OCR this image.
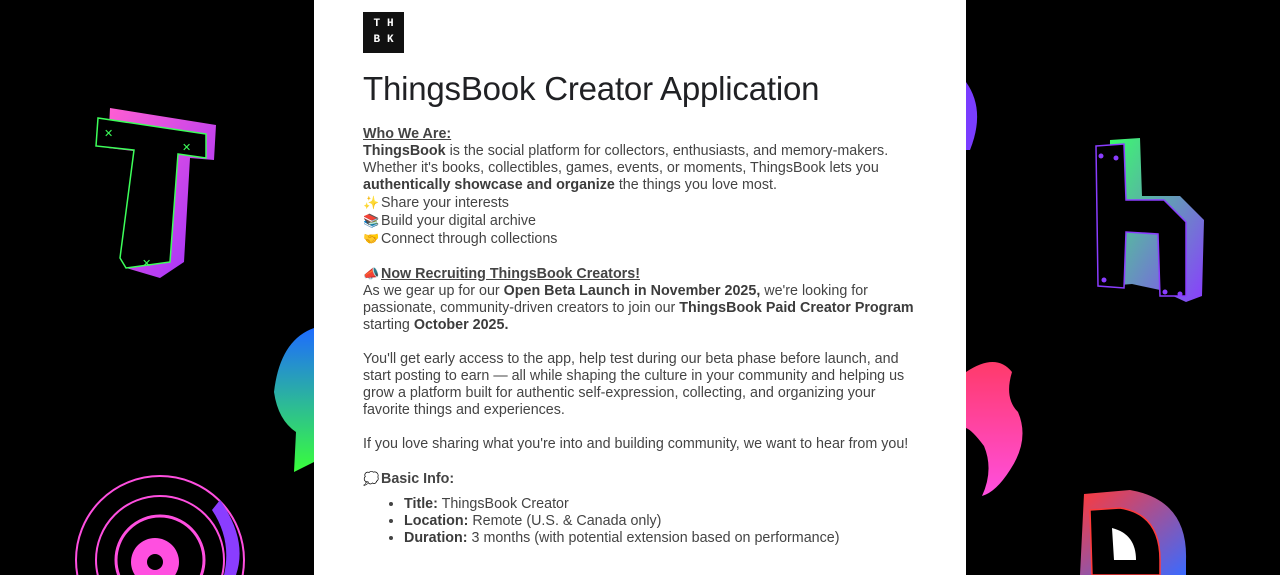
✕
✕
✕
T H
B K
ThingsBook Creator Application

Who We Are:

ThingsBook is the social platform for collectors, enthusiasts, and memory-makers. Whether it's books, collectibles, games, events, or moments, ThingsBook lets you authentically showcase and organize the things you love most.

✨ Share your interests
📚 Build your digital archive
🤝 Connect through collections

📣 Now Recruiting ThingsBook Creators!

As we gear up for our Open Beta Launch in November 2025, we're looking for passionate, community-driven creators to join our ThingsBook Paid Creator Program starting October 2025.

You'll get early access to the app, help test during our beta phase before launch, and start posting to earn — all while shaping the culture in your community and helping us grow a platform built for authentic self-expression, collecting, and organizing your favorite things and experiences.

If you love sharing what you're into and building community, we want to hear from you!

💭 Basic Info:

• Title: ThingsBook Creator
• Location: Remote (U.S. & Canada only)
• Duration: 3 months (with potential extension based on performance)
